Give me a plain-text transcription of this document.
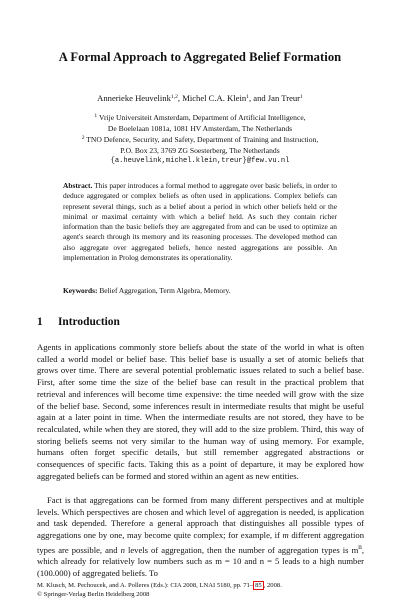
A Formal Approach to Aggregated Belief Formation
Annerieke Heuvelink$^{1,2}$, Michel C.A. Klein$^1$, and Jan Treur$^1$
$^1$ Vrije Universiteit Amsterdam, Department of Artificial Intelligence,
De Boelelaan 1081a, 1081 HV Amsterdam, The Netherlands
$^2$ TNO Defence, Security, and Safety, Department of Training and Instruction,
P.O. Box 23, 3769 ZG Soesterberg, The Netherlands
{a.heuvelink,michel.klein,treur}@few.vu.nl
Abstract. This paper introduces a formal method to aggregate over basic beliefs, in order to deduce aggregated or complex beliefs as often used in applications. Complex beliefs can represent several things, such as a belief about a period in which other beliefs held or the minimal or maximal certainty with which a belief held. As such they contain richer information than the basic beliefs they are aggregated from and can be used to optimize an agent's search through its memory and its reasoning processes. The developed method can also aggregate over aggregated beliefs, hence nested aggregations are possible. An implementation in Prolog demonstrates its operationality.
Keywords: Belief Aggregation, Term Algebra, Memory.
1 Introduction
Agents in applications commonly store beliefs about the state of the world in what is often called a world model or belief base. This belief base is usually a set of atomic beliefs that grows over time. There are several potential problematic issues related to such a belief base. First, after some time the size of the belief base can result in the practical problem that retrieval and inferences will become time expensive: the time needed will grow with the size of the belief base. Second, some inferences result in intermediate results that might be useful again at a later point in time. When the intermediate results are not stored, they have to be recalculated, while when they are stored, they will add to the size problem. Third, this way of storing beliefs seems not very similar to the human way of using memory. For example, humans often forget specific details, but still remember aggregated abstractions or consequences of specific facts. Taking this as a point of departure, it may be explored how aggregated beliefs can be formed and stored within an agent as new entities.
Fact is that aggregations can be formed from many different perspectives and at multiple levels. Which perspectives are chosen and which level of aggregation is needed, is application and task depended. Therefore a general approach that distinguishes all possible types of aggregations one by one, may become quite complex; for example, if m different aggregation types are possible, and n levels of aggregation, then the number of aggregation types is $m^n$, which already for relatively low numbers such as m = 10 and n = 5 leads to a high number (100.000) of aggregated beliefs. To
M. Klusch, M. Pechoucek, and A. Polleres (Eds.): CIA 2008, LNAI 5180, pp. 71– 85 , 2008.
© Springer-Verlag Berlin Heidelberg 2008
